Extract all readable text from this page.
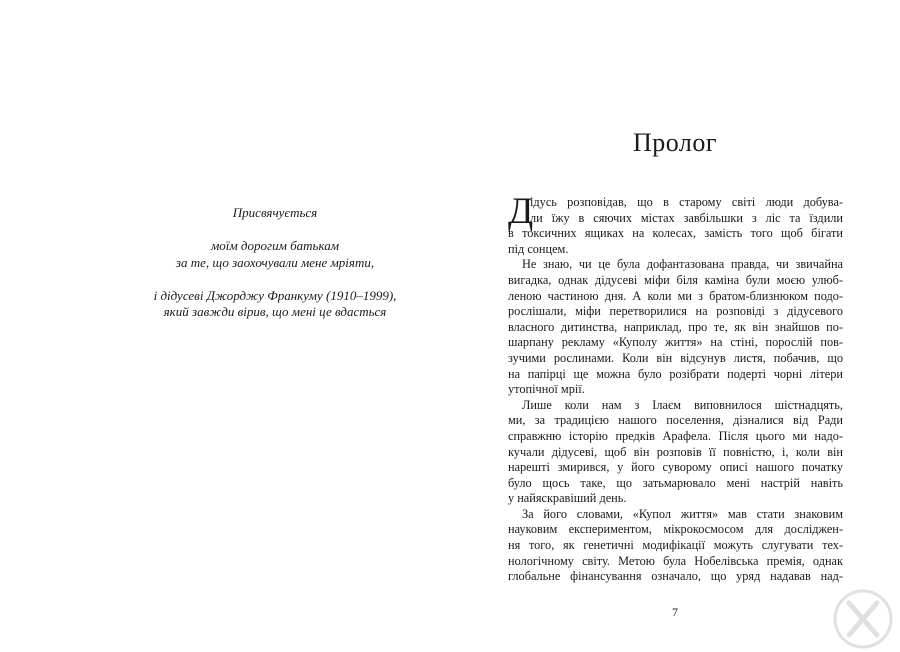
Присвячується

моїм дорогим батькам

за те, що заохочували мене мріяти,

і дідусеві Джорджу Франкуму (1910–1999),

який завжди вірив, що мені це вдасться

Пролог
Д
ідусь розповідав, що в старому світі люди добува-
ли їжу в сяючих містах завбільшки з ліс та їздили
в токсичних ящиках на колесах, замість того щоб бігати
під сонцем.
Не знаю, чи це була дофантазована правда, чи звичайна
вигадка, однак дідусеві міфи біля каміна були моєю улюб-
леною частиною дня. А коли ми з братом-близнюком подо-
рослішали, міфи перетворилися на розповіді з дідусевого
власного дитинства, наприклад, про те, як він знайшов по-
шарпану рекламу «Куполу життя» на стіні, порослій пов-
зучими рослинами. Коли він відсунув листя, побачив, що
на папірці ще можна було розібрати подерті чорні літери
утопічної мрії.
Лише коли нам з Ілаєм виповнилося шістнадцять,
ми, за традицією нашого поселення, дізналися від Ради
справжню історію предків Арафела. Після цього ми надо-
кучали дідусеві, щоб він розповів її повністю, і, коли він
нарешті змирився, у його суворому описі нашого початку
було щось таке, що затьмарювало мені настрій навіть
у найяскравіший день.
За його словами, «Купол життя» мав стати знаковим
науковим експериментом, мікрокосмосом для досліджен-
ня того, як генетичні модифікації можуть слугувати тех-
нологічному світу. Метою була Нобелівська премія, однак
глобальне фінансування означало, що уряд надавав над-
7
